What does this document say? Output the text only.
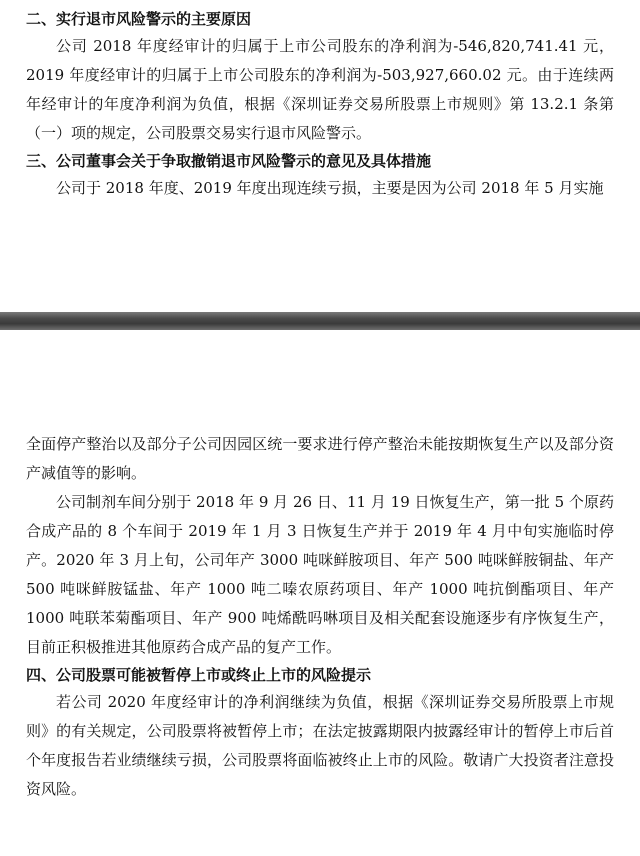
二、实行退市风险警示的主要原因

公司 2018 年度经审计的归属于上市公司股东的净利润为-546,820,741.41 元，2019 年度经审计的归属于上市公司股东的净利润为-503,927,660.02 元。由于连续两年经审计的年度净利润为负值，根据《深圳证券交易所股票上市规则》第 13.2.1 条第（一）项的规定，公司股票交易实行退市风险警示。

三、公司董事会关于争取撤销退市风险警示的意见及具体措施

公司于 2018 年度、2019 年度出现连续亏损，主要是因为公司 2018 年 5 月实施

全面停产整治以及部分子公司因园区统一要求进行停产整治未能按期恢复生产以及部分资产减值等的影响。

公司制剂车间分别于 2018 年 9 月 26 日、11 月 19 日恢复生产，第一批 5 个原药合成产品的 8 个车间于 2019 年 1 月 3 日恢复生产并于 2019 年 4 月中旬实施临时停产。2020 年 3 月上旬，公司年产 3000 吨咪鲜胺项目、年产 500 吨咪鲜胺铜盐、年产 500 吨咪鲜胺锰盐、年产 1000 吨二嗪农原药项目、年产 1000 吨抗倒酯项目、年产 1000 吨联苯菊酯项目、年产 900 吨烯酰吗啉项目及相关配套设施逐步有序恢复生产，目前正积极推进其他原药合成产品的复产工作。

四、公司股票可能被暂停上市或终止上市的风险提示

若公司 2020 年度经审计的净利润继续为负值，根据《深圳证券交易所股票上市规则》的有关规定，公司股票将被暂停上市；在法定披露期限内披露经审计的暂停上市后首个年度报告若业绩继续亏损，公司股票将面临被终止上市的风险。敬请广大投资者注意投资风险。
